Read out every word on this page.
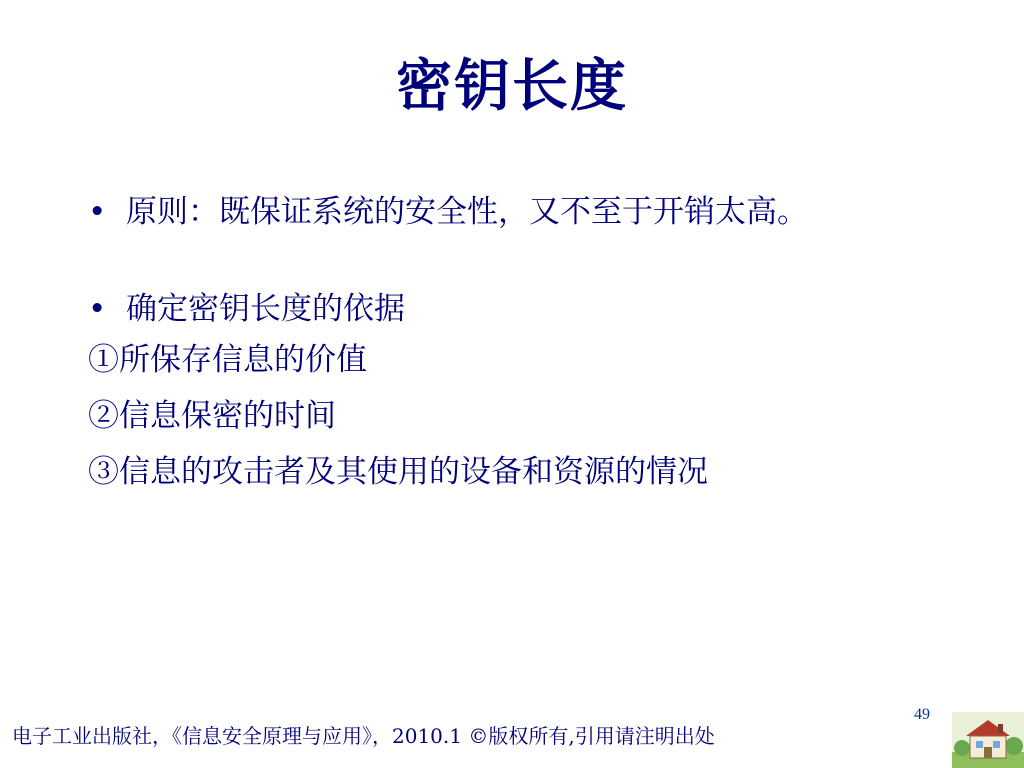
密钥长度
• 原则：既保证系统的安全性，又不至于开销太高。
• 确定密钥长度的依据
①所保存信息的价值
②信息保密的时间
③信息的攻击者及其使用的设备和资源的情况
49
电子工业出版社，《信息安全原理与应用》，2010.1 ©版权所有,引用请注明出处
